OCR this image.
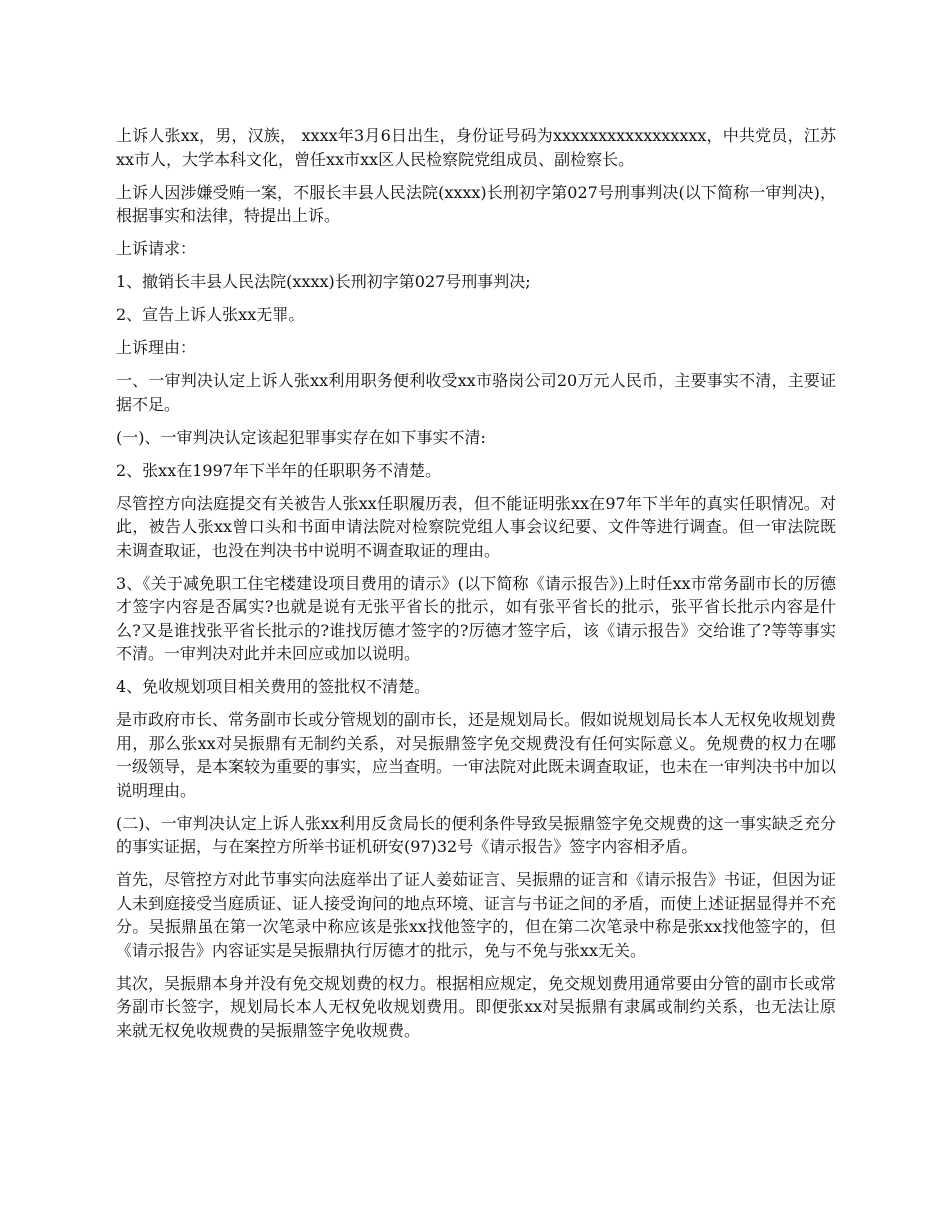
上诉人张xx，男，汉族， xxxx年3月6日出生，身份证号码为xxxxxxxxxxxxxxxxx，中共党员，江苏xx市人，大学本科文化，曾任xx市xx区人民检察院党组成员、副检察长。

上诉人因涉嫌受贿一案，不服长丰县人民法院(xxxx)长刑初字第027号刑事判决(以下简称一审判决)，根据事实和法律，特提出上诉。

上诉请求：

1、撤销长丰县人民法院(xxxx)长刑初字第027号刑事判决;

2、宣告上诉人张xx无罪。

上诉理由：

一、一审判决认定上诉人张xx利用职务便利收受xx市骆岗公司20万元人民币，主要事实不清，主要证据不足。

(一)、一审判决认定该起犯罪事实存在如下事实不清:

2、张xx在1997年下半年的任职职务不清楚。

尽管控方向法庭提交有关被告人张xx任职履历表，但不能证明张xx在97年下半年的真实任职情况。对此，被告人张xx曾口头和书面申请法院对检察院党组人事会议纪要、文件等进行调查。但一审法院既未调查取证，也没在判决书中说明不调查取证的理由。

3、《关于减免职工住宅楼建设项目费用的请示》(以下简称《请示报告》)上时任xx市常务副市长的厉德才签字内容是否属实?也就是说有无张平省长的批示，如有张平省长的批示，张平省长批示内容是什么?又是谁找张平省长批示的?谁找厉德才签字的?厉德才签字后，该《请示报告》交给谁了?等等事实不清。一审判决对此并未回应或加以说明。

4、免收规划项目相关费用的签批权不清楚。

是市政府市长、常务副市长或分管规划的副市长，还是规划局长。假如说规划局长本人无权免收规划费用，那么张xx对吴振鼎有无制约关系，对吴振鼎签字免交规费没有任何实际意义。免规费的权力在哪一级领导，是本案较为重要的事实，应当查明。一审法院对此既未调查取证，也未在一审判决书中加以说明理由。

(二)、一审判决认定上诉人张xx利用反贪局长的便利条件导致吴振鼎签字免交规费的这一事实缺乏充分的事实证据，与在案控方所举书证机研安(97)32号《请示报告》签字内容相矛盾。

首先，尽管控方对此节事实向法庭举出了证人姜茹证言、吴振鼎的证言和《请示报告》书证，但因为证人未到庭接受当庭质证、证人接受询问的地点环境、证言与书证之间的矛盾，而使上述证据显得并不充分。吴振鼎虽在第一次笔录中称应该是张xx找他签字的，但在第二次笔录中称是张xx找他签字的，但《请示报告》内容证实是吴振鼎执行厉德才的批示，免与不免与张xx无关。

其次，吴振鼎本身并没有免交规划费的权力。根据相应规定，免交规划费用通常要由分管的副市长或常务副市长签字，规划局长本人无权免收规划费用。即便张xx对吴振鼎有隶属或制约关系，也无法让原来就无权免收规费的吴振鼎签字免收规费。
